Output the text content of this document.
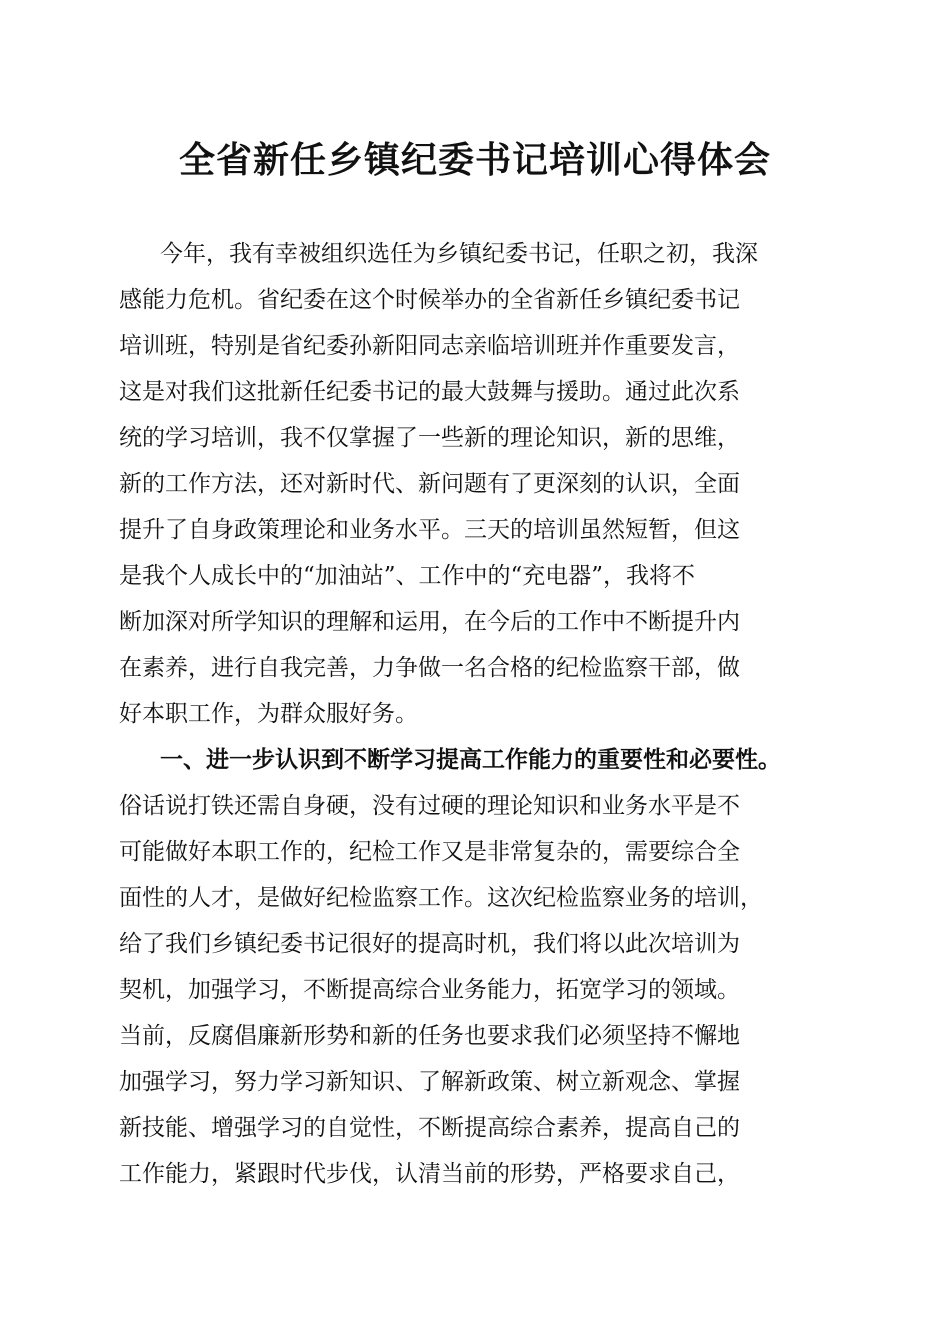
全省新任乡镇纪委书记培训心得体会
今年，我有幸被组织选任为乡镇纪委书记，任职之初，我深
感能力危机。省纪委在这个时候举办的全省新任乡镇纪委书记
培训班，特别是省纪委孙新阳同志亲临培训班并作重要发言，
这是对我们这批新任纪委书记的最大鼓舞与援助。通过此次系
统的学习培训，我不仅掌握了一些新的理论知识，新的思维，
新的工作方法，还对新时代、新问题有了更深刻的认识，全面
提升了自身政策理论和业务水平。三天的培训虽然短暂，但这
是我个人成长中的“加油站”、工作中的“充电器”，我将不
断加深对所学知识的理解和运用，在今后的工作中不断提升内
在素养，进行自我完善，力争做一名合格的纪检监察干部，做
好本职工作，为群众服好务。
一、进一步认识到不断学习提高工作能力的重要性和必要性。
俗话说打铁还需自身硬，没有过硬的理论知识和业务水平是不
可能做好本职工作的，纪检工作又是非常复杂的，需要综合全
面性的人才，是做好纪检监察工作。这次纪检监察业务的培训，
给了我们乡镇纪委书记很好的提高时机，我们将以此次培训为
契机，加强学习，不断提高综合业务能力，拓宽学习的领域。
当前，反腐倡廉新形势和新的任务也要求我们必须坚持不懈地
加强学习，努力学习新知识、了解新政策、树立新观念、掌握
新技能、增强学习的自觉性，不断提高综合素养，提高自己的
工作能力，紧跟时代步伐，认清当前的形势，严格要求自己，
